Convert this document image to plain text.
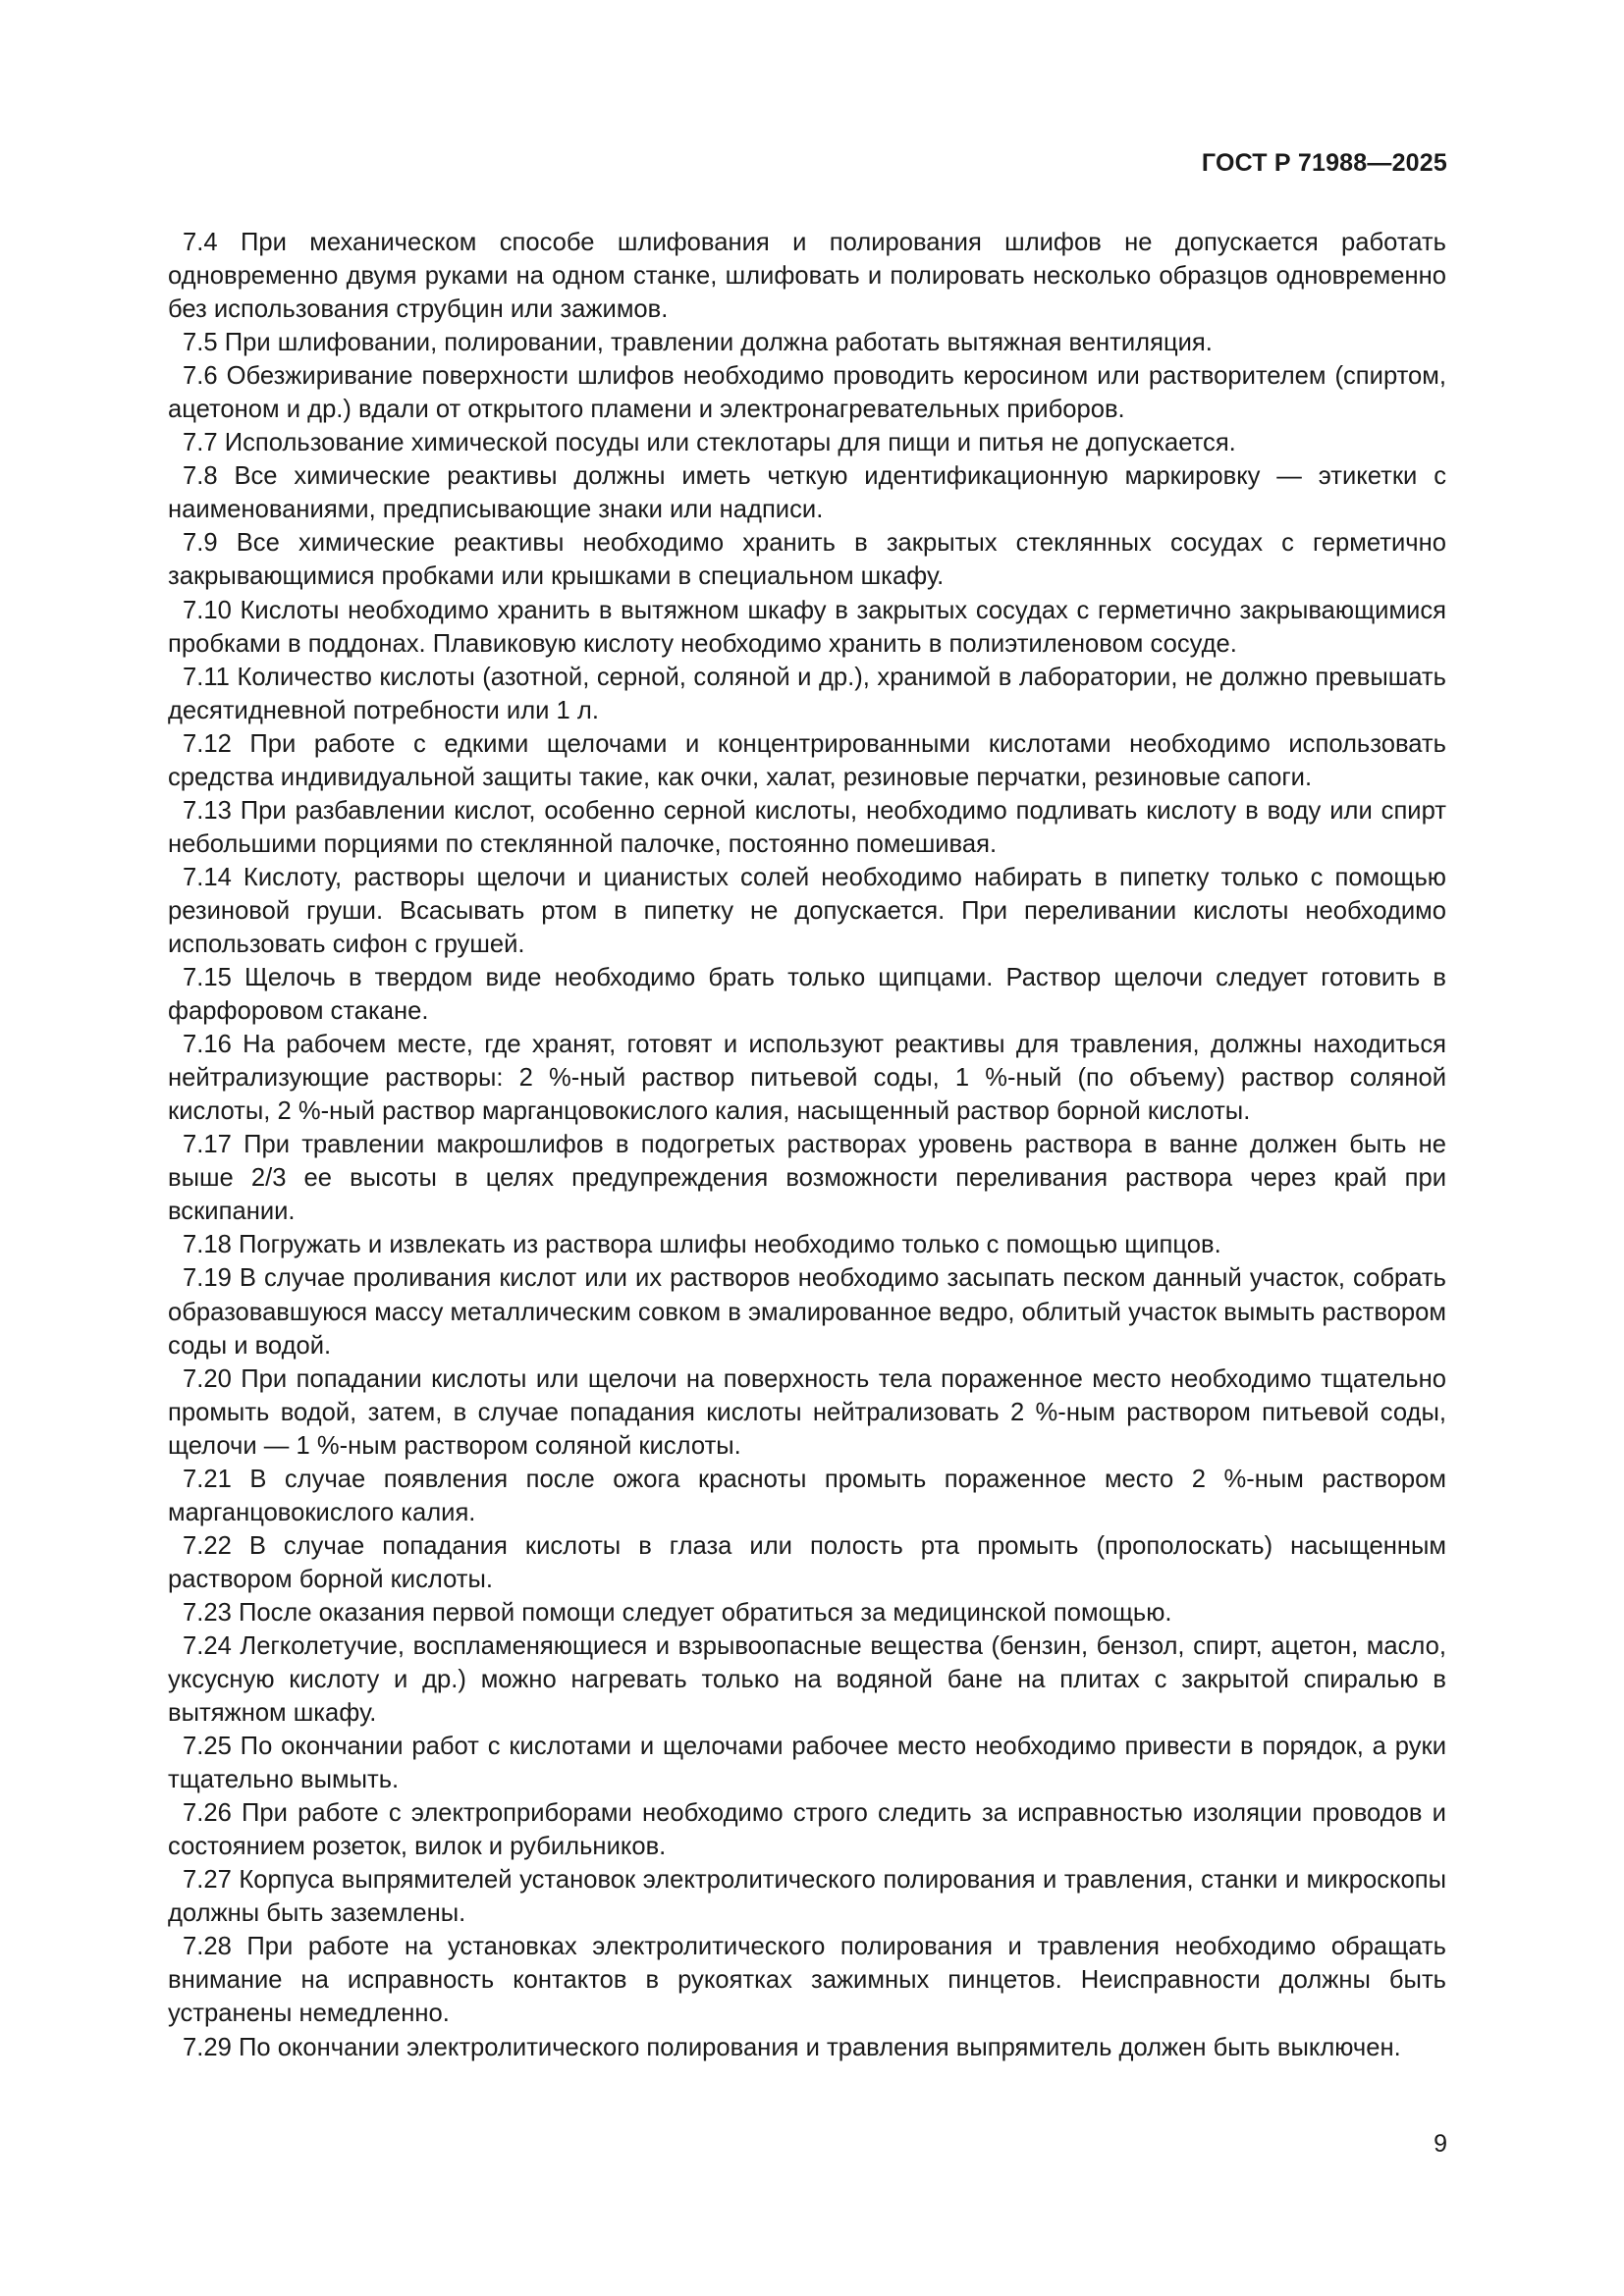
ГОСТ Р 71988—2025

7.4 При механическом способе шлифования и полирования шлифов не допускается работать одновременно двумя руками на одном станке, шлифовать и полировать несколько образцов одновременно без использования струбцин или зажимов.

7.5 При шлифовании, полировании, травлении должна работать вытяжная вентиляция.

7.6 Обезжиривание поверхности шлифов необходимо проводить керосином или растворителем (спиртом, ацетоном и др.) вдали от открытого пламени и электронагревательных приборов.

7.7 Использование химической посуды или стеклотары для пищи и питья не допускается.

7.8 Все химические реактивы должны иметь четкую идентификационную маркировку — этикетки с наименованиями, предписывающие знаки или надписи.

7.9 Все химические реактивы необходимо хранить в закрытых стеклянных сосудах с герметично закрывающимися пробками или крышками в специальном шкафу.

7.10 Кислоты необходимо хранить в вытяжном шкафу в закрытых сосудах с герметично закрывающимися пробками в поддонах. Плавиковую кислоту необходимо хранить в полиэтиленовом сосуде.

7.11 Количество кислоты (азотной, серной, соляной и др.), хранимой в лаборатории, не должно превышать десятидневной потребности или 1 л.

7.12 При работе с едкими щелочами и концентрированными кислотами необходимо использовать средства индивидуальной защиты такие, как очки, халат, резиновые перчатки, резиновые сапоги.

7.13 При разбавлении кислот, особенно серной кислоты, необходимо подливать кислоту в воду или спирт небольшими порциями по стеклянной палочке, постоянно помешивая.

7.14 Кислоту, растворы щелочи и цианистых солей необходимо набирать в пипетку только с помощью резиновой груши. Всасывать ртом в пипетку не допускается. При переливании кислоты необходимо использовать сифон с грушей.

7.15 Щелочь в твердом виде необходимо брать только щипцами. Раствор щелочи следует готовить в фарфоровом стакане.

7.16 На рабочем месте, где хранят, готовят и используют реактивы для травления, должны находиться нейтрализующие растворы: 2 %-ный раствор питьевой соды, 1 %-ный (по объему) раствор соляной кислоты, 2 %-ный раствор марганцовокислого калия, насыщенный раствор борной кислоты.

7.17 При травлении макрошлифов в подогретых растворах уровень раствора в ванне должен быть не выше 2/3 ее высоты в целях предупреждения возможности переливания раствора через край при вскипании.

7.18 Погружать и извлекать из раствора шлифы необходимо только с помощью щипцов.

7.19 В случае проливания кислот или их растворов необходимо засыпать песком данный участок, собрать образовавшуюся массу металлическим совком в эмалированное ведро, облитый участок вымыть раствором соды и водой.

7.20 При попадании кислоты или щелочи на поверхность тела пораженное место необходимо тщательно промыть водой, затем, в случае попадания кислоты нейтрализовать 2 %-ным раствором питьевой соды, щелочи — 1 %-ным раствором соляной кислоты.

7.21 В случае появления после ожога красноты промыть пораженное место 2 %-ным раствором марганцовокислого калия.

7.22 В случае попадания кислоты в глаза или полость рта промыть (прополоскать) насыщенным раствором борной кислоты.

7.23 После оказания первой помощи следует обратиться за медицинской помощью.

7.24 Легколетучие, воспламеняющиеся и взрывоопасные вещества (бензин, бензол, спирт, ацетон, масло, уксусную кислоту и др.) можно нагревать только на водяной бане на плитах с закрытой спиралью в вытяжном шкафу.

7.25 По окончании работ с кислотами и щелочами рабочее место необходимо привести в порядок, а руки тщательно вымыть.

7.26 При работе с электроприборами необходимо строго следить за исправностью изоляции проводов и состоянием розеток, вилок и рубильников.

7.27 Корпуса выпрямителей установок электролитического полирования и травления, станки и микроскопы должны быть заземлены.

7.28 При работе на установках электролитического полирования и травления необходимо обращать внимание на исправность контактов в рукоятках зажимных пинцетов. Неисправности должны быть устранены немедленно.

7.29 По окончании электролитического полирования и травления выпрямитель должен быть выключен.

9
